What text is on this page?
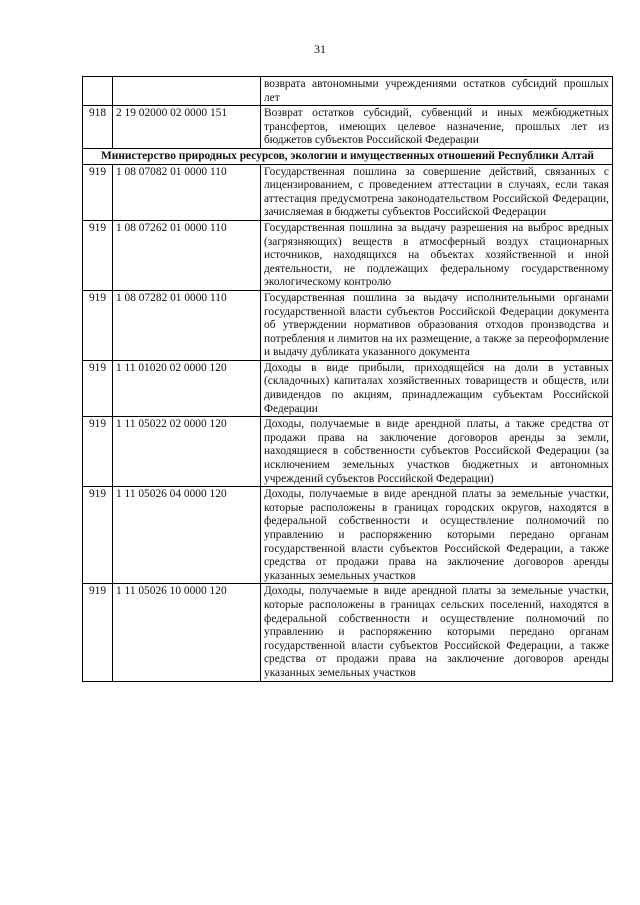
31
		возврата автономными учреждениями остатков субсидий прошлых лет
918	2 19 02000 02 0000 151	Возврат остатков субсидий, субвенций и иных межбюджетных трансфертов, имеющих целевое назначение, прошлых лет из бюджетов субъектов Российской Федерации
Министерство природных ресурсов, экологии и имущественных отношений Республики Алтай		
919	1 08 07082 01 0000 110	Государственная пошлина за совершение действий, связанных с лицензированием, с проведением аттестации в случаях, если такая аттестация предусмотрена законодательством Российской Федерации, зачисляемая в бюджеты субъектов Российской Федерации
919	1 08 07262 01 0000 110	Государственная пошлина за выдачу разрешения на выброс вредных (загрязняющих) веществ в атмосферный воздух стационарных источников, находящихся на объектах хозяйственной и иной деятельности, не подлежащих федеральному государственному экологическому контролю
919	1 08 07282 01 0000 110	Государственная пошлина за выдачу исполнительными органами государственной власти субъектов Российской Федерации документа об утверждении нормативов образования отходов производства и потребления и лимитов на их размещение, а также за переоформление и выдачу дубликата указанного документа
919	1 11 01020 02 0000 120	Доходы в виде прибыли, приходящейся на доли в уставных (складочных) капиталах хозяйственных товариществ и обществ, или дивидендов по акциям, принадлежащим субъектам Российской Федерации
919	1 11 05022 02 0000 120	Доходы, получаемые в виде арендной платы, а также средства от продажи права на заключение договоров аренды за земли, находящиеся в собственности субъектов Российской Федерации (за исключением земельных участков бюджетных и автономных учреждений субъектов Российской Федерации)
919	1 11 05026 04 0000 120	Доходы, получаемые в виде арендной платы за земельные участки, которые расположены в границах городских округов, находятся в федеральной собственности и осуществление полномочий по управлению и распоряжению которыми передано органам государственной власти субъектов Российской Федерации, а также средства от продажи права на заключение договоров аренды указанных земельных участков
919	1 11 05026 10 0000 120	Доходы, получаемые в виде арендной платы за земельные участки, которые расположены в границах сельских поселений, находятся в федеральной собственности и осуществление полномочий по управлению и распоряжению которыми передано органам государственной власти субъектов Российской Федерации, а также средства от продажи права на заключение договоров аренды указанных земельных участков
